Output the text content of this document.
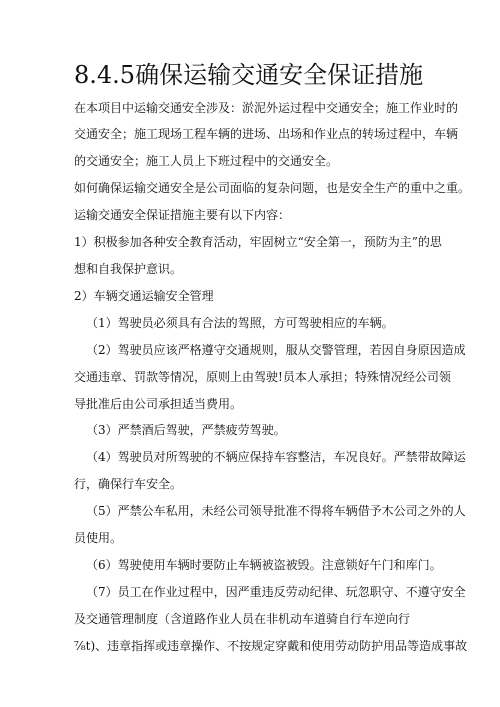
8.4.5确保运输交通安全保证措施
在本项目中运输交通安全涉及：淤泥外运过程中交通安全；施工作业时的
交通安全；施工现场工程车辆的进场、出场和作业点的转场过程中，车辆
的交通安全；施工人员上下班过程中的交通安全。
如何确保运输交通安全是公司面临的复杂问题，也是安全生产的重中之重。
运输交通安全保证措施主要有以下内容：
1）积极参加各种安全教育活动，牢固树立“安全第一，预防为主”的思
想和自我保护意识。
2）车辆交通运输安全管理
（1）驾驶员必须具有合法的驾照，方可驾驶相应的车辆。
（2）驾驶员应该严格遵守交通规则，服从交警管理，若因自身原因造成
交通违章、罚款等情况，原则上由驾驶!员本人承担；特殊情况经公司领
导批准后由公司承担适当费用。
（3）严禁酒后驾驶，严禁疲劳驾驶。
（4）驾驶员对所驾驶的不辆应保持车容整洁，车况良好。严禁带故障运
行，确保行车安全。
（5）严禁公车私用，未经公司领导批准不得将车辆借予木公司之外的人
员使用。
（6）驾驶使用车辆时要防止车辆被盗被毁。注意锁好午门和库门。
（7）员工在作业过程中，因严重违反劳动纪律、玩忽职守、不遵守安全
及交通管理制度（含道路作业人员在非机动车道骑自行车逆向行
⅞t)、违章指挥或违章操作、不按规定穿戴和使用劳动防护用品等造成事故
